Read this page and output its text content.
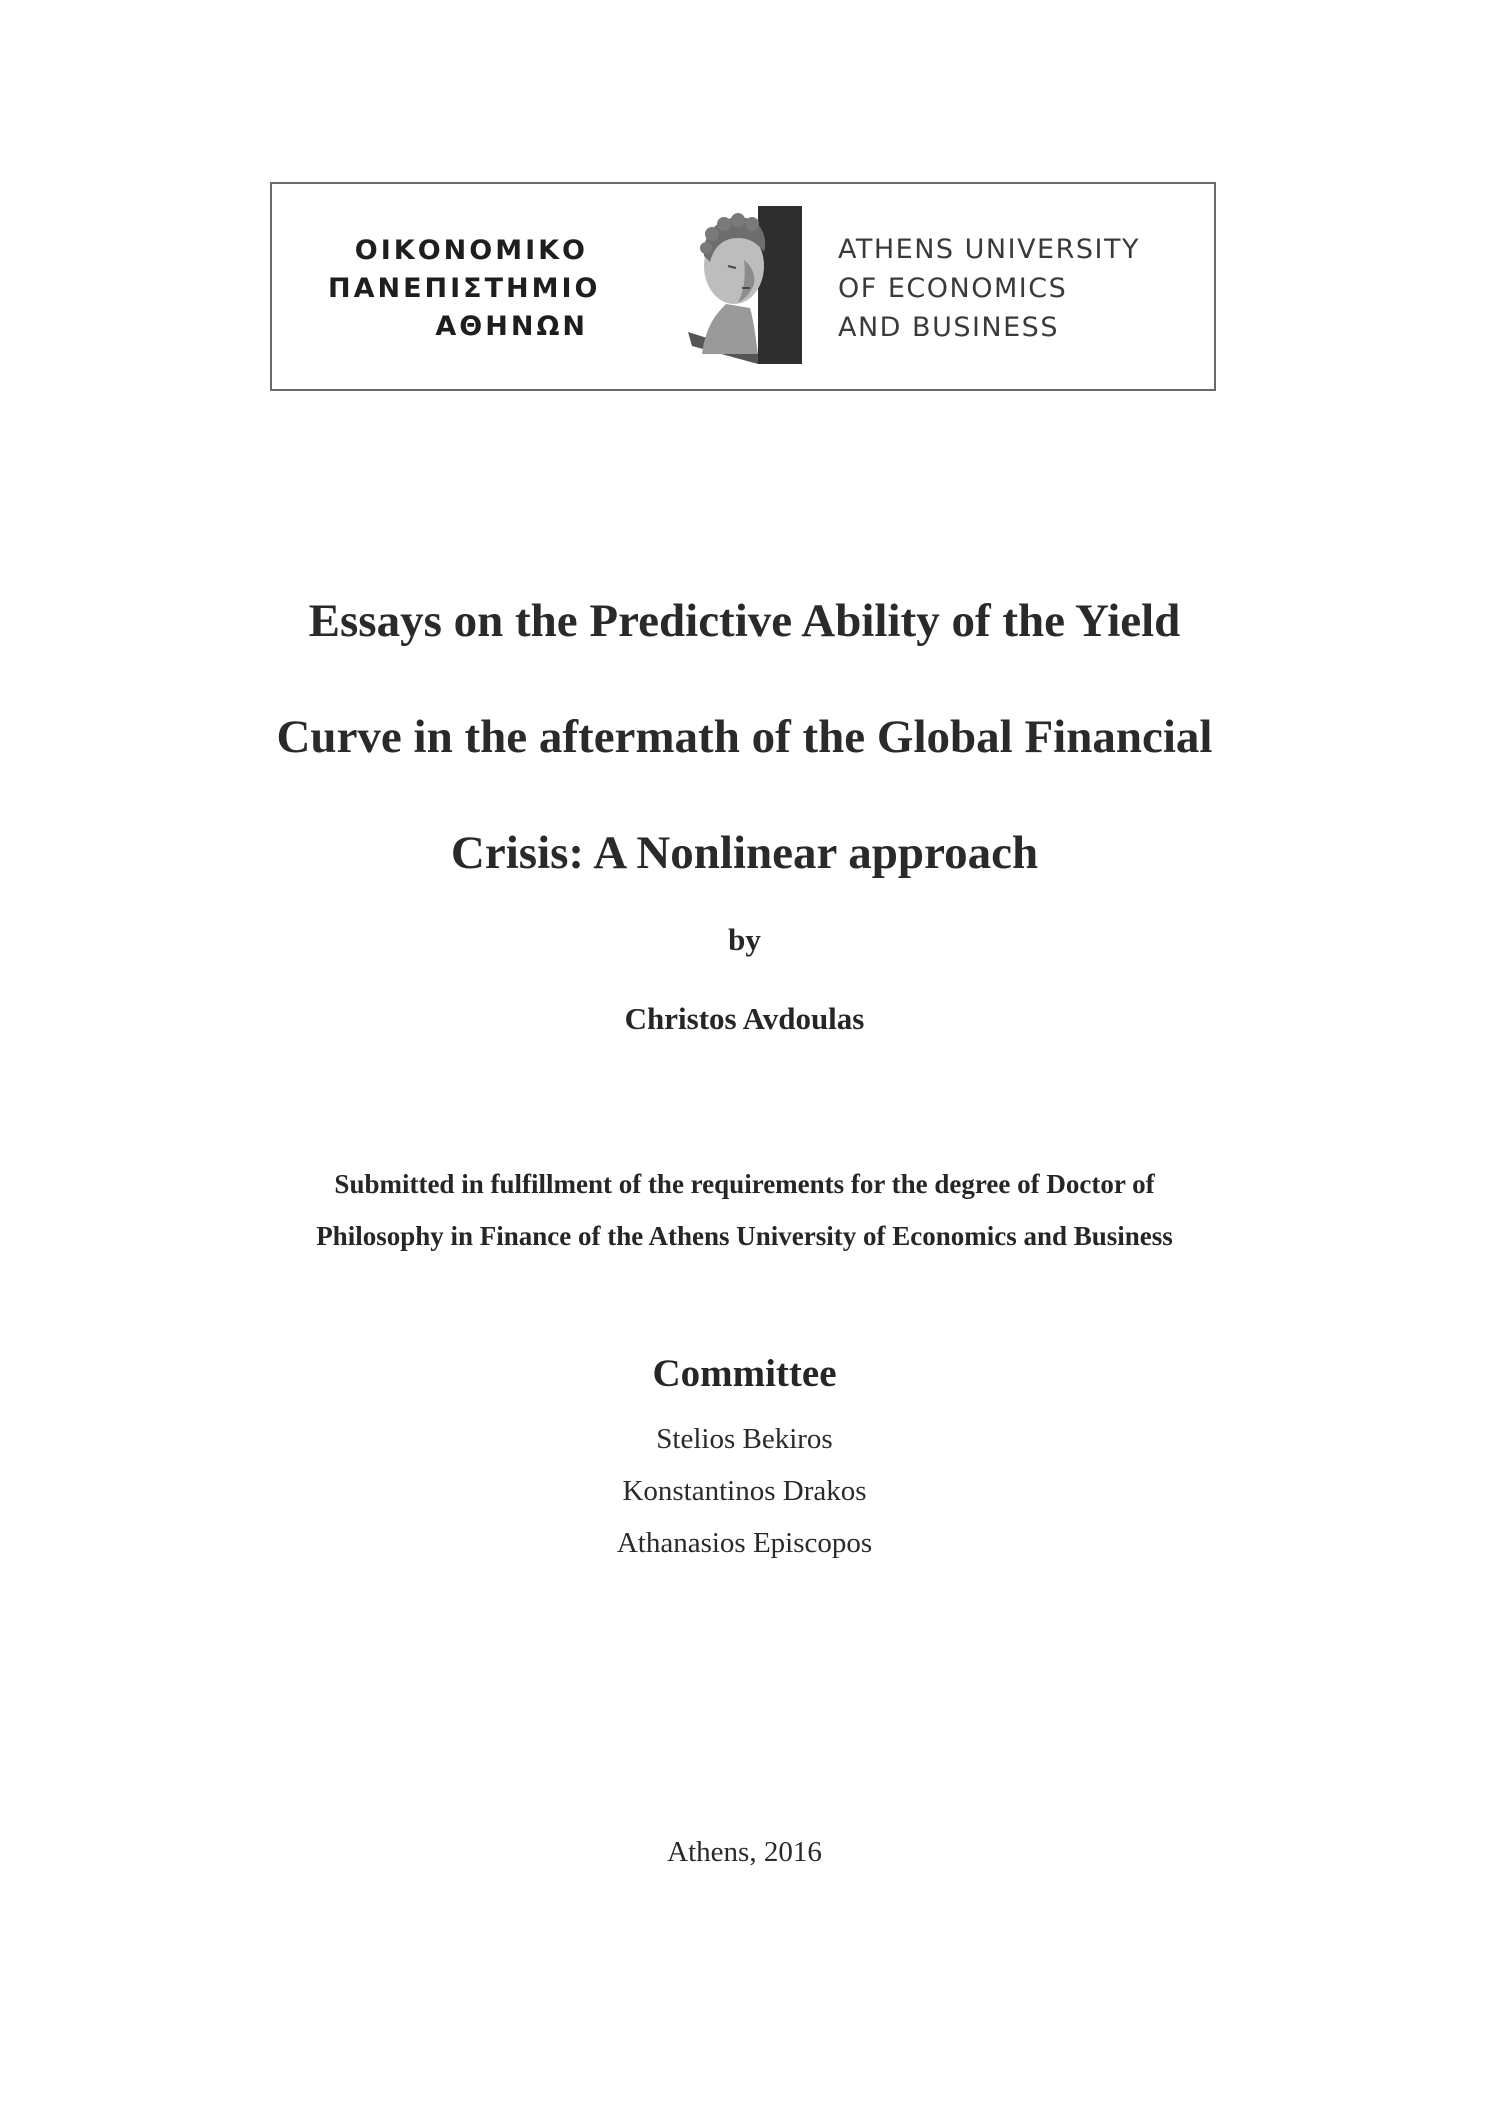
ΟΙΚΟΝΟΜΙΚΟ
ΠΑΝΕΠΙΣΤΗΜΙΟ
ΑΘΗΝΩΝ
ATHENS UNIVERSITY
OF ECONOMICS
AND BUSINESS
Essays on the Predictive Ability of the Yield
Curve in the aftermath of the Global Financial
Crisis: A Nonlinear approach
by
Christos Avdoulas
Submitted in fulfillment of the requirements for the degree of Doctor of
Philosophy in Finance of the Athens University of Economics and Business
Committee
Stelios Bekiros
Konstantinos Drakos
Athanasios Episcopos
Athens, 2016
